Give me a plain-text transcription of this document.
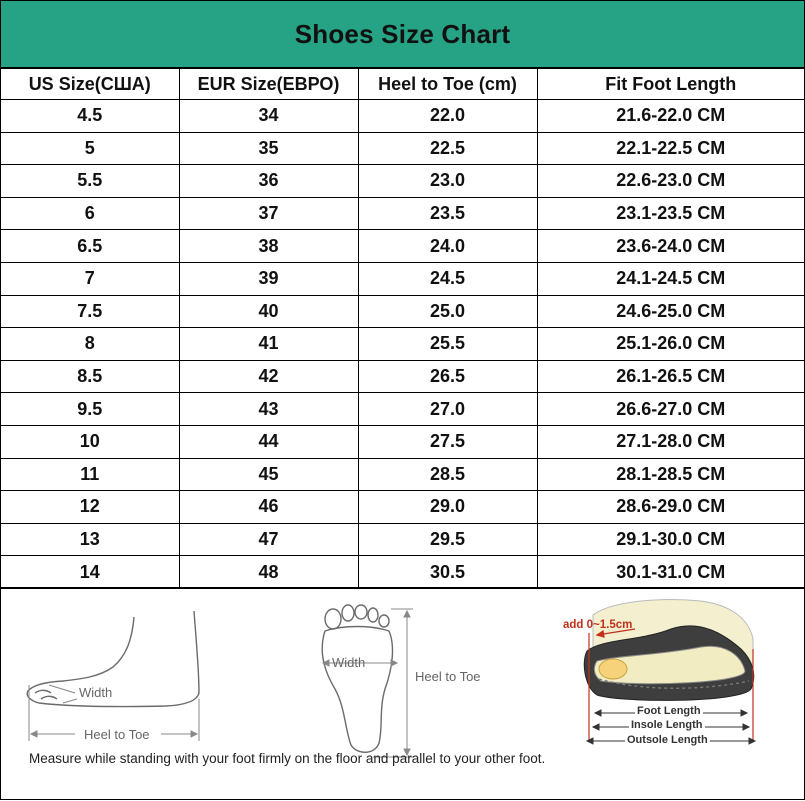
Shoes Size Chart
US Size(США)	EUR Size(ЕВРО)	Heel to Toe (cm)	Fit Foot Length
4.5	34	22.0	21.6-22.0 CM
5	35	22.5	22.1-22.5 CM
5.5	36	23.0	22.6-23.0 CM
6	37	23.5	23.1-23.5 CM
6.5	38	24.0	23.6-24.0 CM
7	39	24.5	24.1-24.5 CM
7.5	40	25.0	24.6-25.0 CM
8	41	25.5	25.1-26.0 CM
8.5	42	26.5	26.1-26.5 CM
9.5	43	27.0	26.6-27.0 CM
10	44	27.5	27.1-28.0 CM
11	45	28.5	28.1-28.5 CM
12	46	29.0	28.6-29.0 CM
13	47	29.5	29.1-30.0 CM
14	48	30.5	30.1-31.0 CM
Width
Heel to Toe
Width
Heel to Toe
add 0~1.5cm
Foot Length
Insole Length
Outsole Length
Measure while standing with your foot firmly on the floor and parallel to your other foot.
